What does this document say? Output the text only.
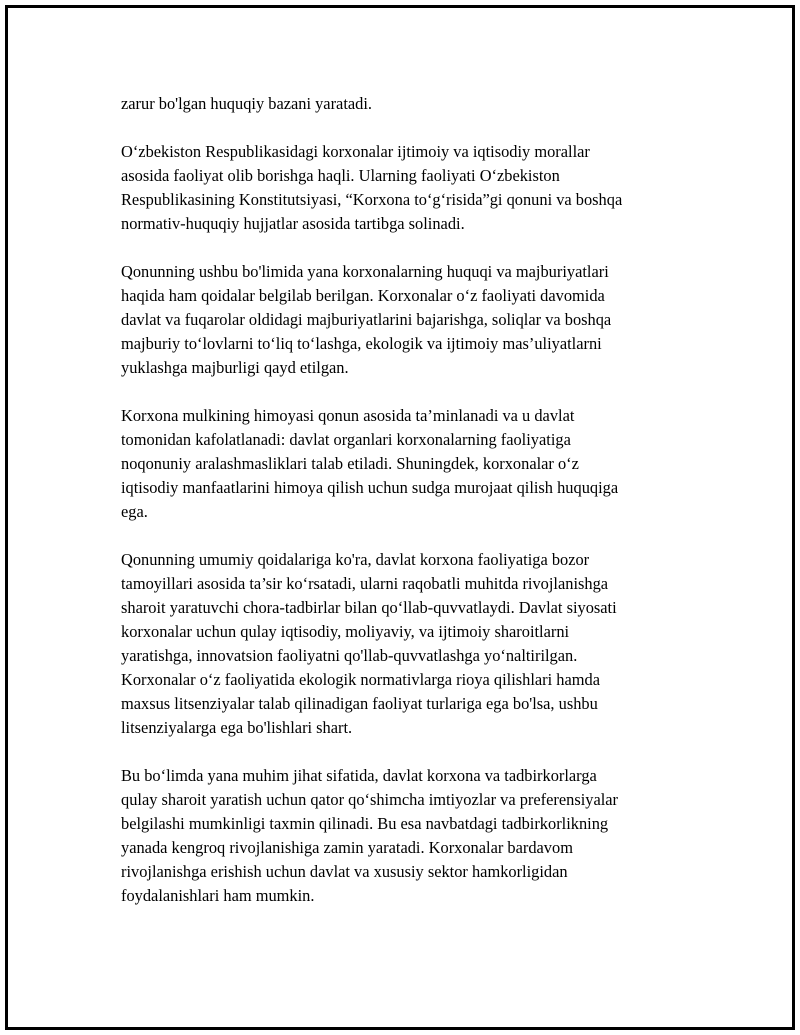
zarur bo'lgan huquqiy bazani yaratadi.

O‘zbekiston Respublikasidagi korxonalar ijtimoiy va iqtisodiy morallar
asosida faoliyat olib borishga haqli. Ularning faoliyati O‘zbekiston
Respublikasining Konstitutsiyasi, “Korxona to‘g‘risida”gi qonuni va boshqa
normativ-huquqiy hujjatlar asosida tartibga solinadi.

Qonunning ushbu bo'limida yana korxonalarning huquqi va majburiyatlari
haqida ham qoidalar belgilab berilgan. Korxonalar o‘z faoliyati davomida
davlat va fuqarolar oldidagi majburiyatlarini bajarishga, soliqlar va boshqa
majburiy to‘lovlarni to‘liq to‘lashga, ekologik va ijtimoiy mas’uliyatlarni
yuklashga majburligi qayd etilgan.

Korxona mulkining himoyasi qonun asosida ta’minlanadi va u davlat
tomonidan kafolatlanadi: davlat organlari korxonalarning faoliyatiga
noqonuniy aralashmasliklari talab etiladi. Shuningdek, korxonalar o‘z
iqtisodiy manfaatlarini himoya qilish uchun sudga murojaat qilish huquqiga
ega.

Qonunning umumiy qoidalariga ko'ra, davlat korxona faoliyatiga bozor
tamoyillari asosida ta’sir ko‘rsatadi, ularni raqobatli muhitda rivojlanishga
sharoit yaratuvchi chora-tadbirlar bilan qo‘llab-quvvatlaydi. Davlat siyosati
korxonalar uchun qulay iqtisodiy, moliyaviy, va ijtimoiy sharoitlarni
yaratishga, innovatsion faoliyatni qo'llab-quvvatlashga yo‘naltirilgan.
Korxonalar o‘z faoliyatida ekologik normativlarga rioya qilishlari hamda
maxsus litsenziyalar talab qilinadigan faoliyat turlariga ega bo'lsa, ushbu
litsenziyalarga ega bo'lishlari shart.

Bu bo‘limda yana muhim jihat sifatida, davlat korxona va tadbirkorlarga
qulay sharoit yaratish uchun qator qo‘shimcha imtiyozlar va preferensiyalar
belgilashi mumkinligi taxmin qilinadi. Bu esa navbatdagi tadbirkorlikning
yanada kengroq rivojlanishiga zamin yaratadi. Korxonalar bardavom
rivojlanishga erishish uchun davlat va xususiy sektor hamkorligidan
foydalanishlari ham mumkin.
